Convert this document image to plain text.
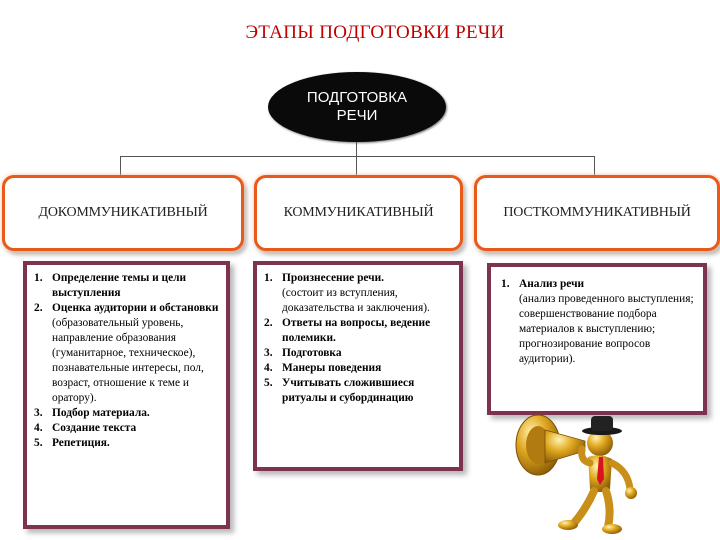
ЭТАПЫ ПОДГОТОВКИ РЕЧИ
ПОДГОТОВКА
РЕЧИ
ДОКОММУНИКАТИВНЫЙ	КОММУНИКАТИВНЫЙ	ПОСТКОММУНИКАТИВНЫЙ
1. Определение темы и цели выступления
2. Оценка аудитории и обстановки
(образовательный уровень, направление образования (гуманитарное, техническое), познавательные интересы, пол, возраст, отношение к теме и оратору).
3. Подбор материала.
4. Создание текста
5. Репетиция.
1. Произнесение речи.
(состоит из вступления, доказательства и заключения).
2. Ответы на вопросы, ведение полемики.
3. Подготовка
4. Манеры поведения
5. Учитывать сложившиеся ритуалы и субординацию
1. Анализ речи
(анализ проведенного выступления; совершенствование подбора материалов к выступлению; прогнозирование вопросов аудитории).
